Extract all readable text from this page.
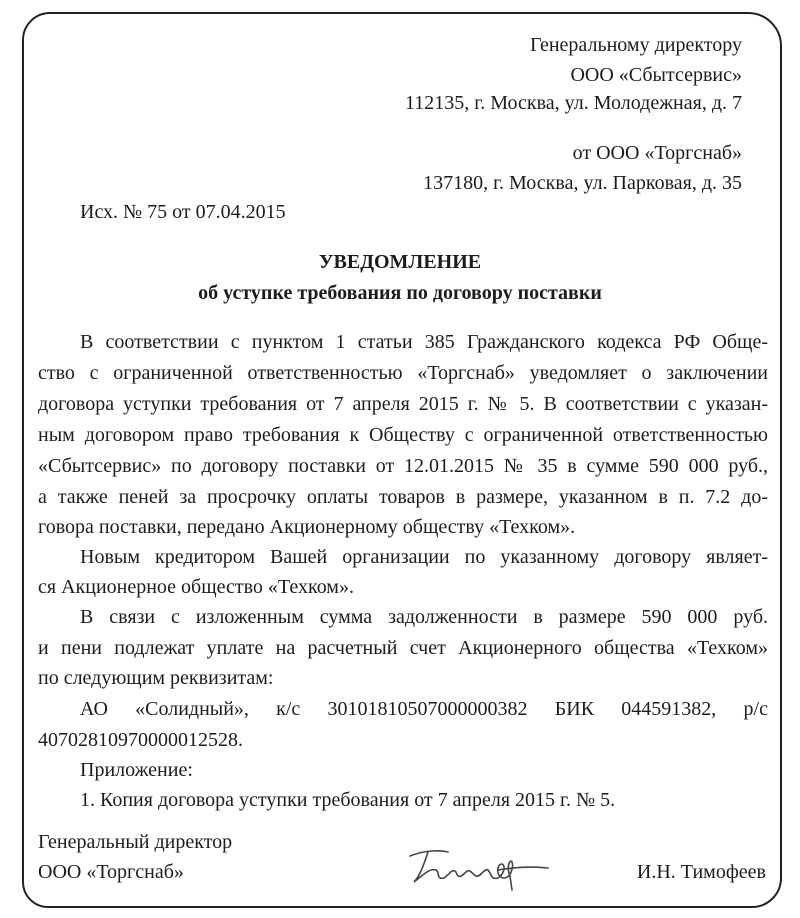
Генеральному директору
ООО «Сбытсервис»
112135, г. Москва, ул. Молодежная, д. 7
от ООО «Торгснаб»
137180, г. Москва, ул. Парковая, д. 35
Исх. № 75 от 07.04.2015
УВЕДОМЛЕНИЕ
об уступке требования по договору поставки
В соответствии с пунктом 1 статьи 385 Гражданского кодекса РФ Обще-
ство с ограниченной ответственностью «Торгснаб» уведомляет о заключении
договора уступки требования от 7 апреля 2015 г. № 5. В соответствии с указан-
ным договором право требования к Обществу с ограниченной ответственностью
«Сбытсервис» по договору поставки от 12.01.2015 № 35 в сумме 590 000 руб.,
а также пеней за просрочку оплаты товаров в размере, указанном в п. 7.2 до-
говора поставки, передано Акционерному обществу «Техком».
Новым кредитором Вашей организации по указанному договору являет-
ся Акционерное общество «Техком».
В связи с изложенным сумма задолженности в размере 590 000 руб.
и пени подлежат уплате на расчетный счет Акционерного общества «Техком»
по следующим реквизитам:
АО «Солидный», к/с 30101810507000000382 БИК 044591382, р/с
40702810970000012528.
Приложение:
1. Копия договора уступки требования от 7 апреля 2015 г. № 5.
Генеральный директор
ООО «Торгснаб»	И.Н. Тимофеев
